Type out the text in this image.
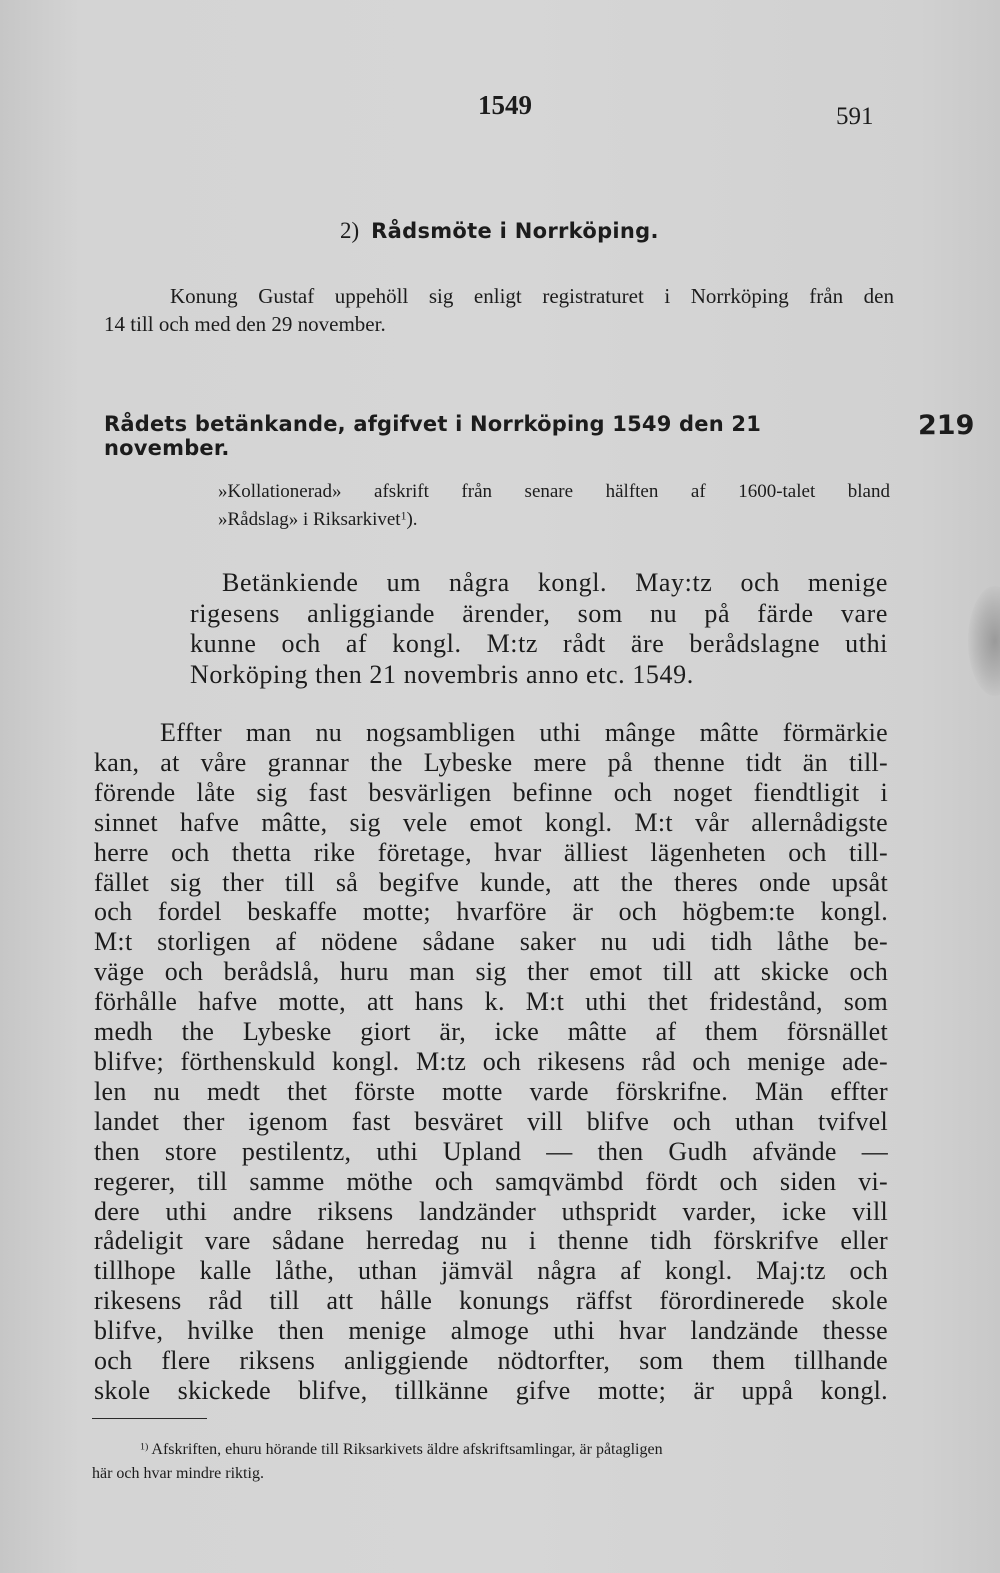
1549	591
2) Rådsmöte i Norrköping.
Konung Gustaf uppehöll sig enligt registraturet i Norrköping från den
14 till och med den 29 november.
Rådets betänkande, afgifvet i Norrköping 1549 den 21 november.
219
»Kollationerad» afskrift från senare hälften af 1600-talet bland
»Rådslag» i Riksarkivet$^1$).
Betänkiende um några kongl. May:tz och menige
rigesens anliggiande ärender, som nu på färde vare
kunne och af kongl. M:tz rådt äre berådslagne uthi
Norköping then 21 novembris anno etc. 1549.
Effter man nu nogsambligen uthi mânge mâtte förmärkie
kan, at våre grannar the Lybeske mere på thenne tidt än till-
förende låte sig fast besvärligen befinne och noget fiendtligit i
sinnet hafve mâtte, sig vele emot kongl. M:t vår allernådigste
herre och thetta rike företage, hvar älliest lägenheten och till-
fället sig ther till så begifve kunde, att the theres onde upsåt
och fordel beskaffe motte; hvarföre är och högbem:te kongl.
M:t storligen af nödene sådane saker nu udi tidh låthe be-
väge och berådslå, huru man sig ther emot till att skicke och
förhålle hafve motte, att hans k. M:t uthi thet fridestånd, som
medh the Lybeske giort är, icke mâtte af them försnället
blifve; förthenskuld kongl. M:tz och rikesens råd och menige ade-
len nu medt thet förste motte varde förskrifne. Män effter
landet ther igenom fast besväret vill blifve och uthan tvifvel
then store pestilentz, uthi Upland — then Gudh afvände —
regerer, till samme möthe och samqvämbd fördt och siden vi-
dere uthi andre riksens landzänder uthspridt varder, icke vill
rådeligit vare sådane herredag nu i thenne tidh förskrifve eller
tillhope kalle låthe, uthan jämväl några af kongl. Maj:tz och
rikesens råd till att hålle konungs räffst förordinerede skole
blifve, hvilke then menige almoge uthi hvar landzände thesse
och flere riksens anliggiende nödtorfter, som them tillhande
skole skickede blifve, tillkänne gifve motte; är uppå kongl.
$^{1)}$ Afskriften, ehuru hörande till Riksarkivets äldre afskriftsamlingar, är påtagligen
här och hvar mindre riktig.
